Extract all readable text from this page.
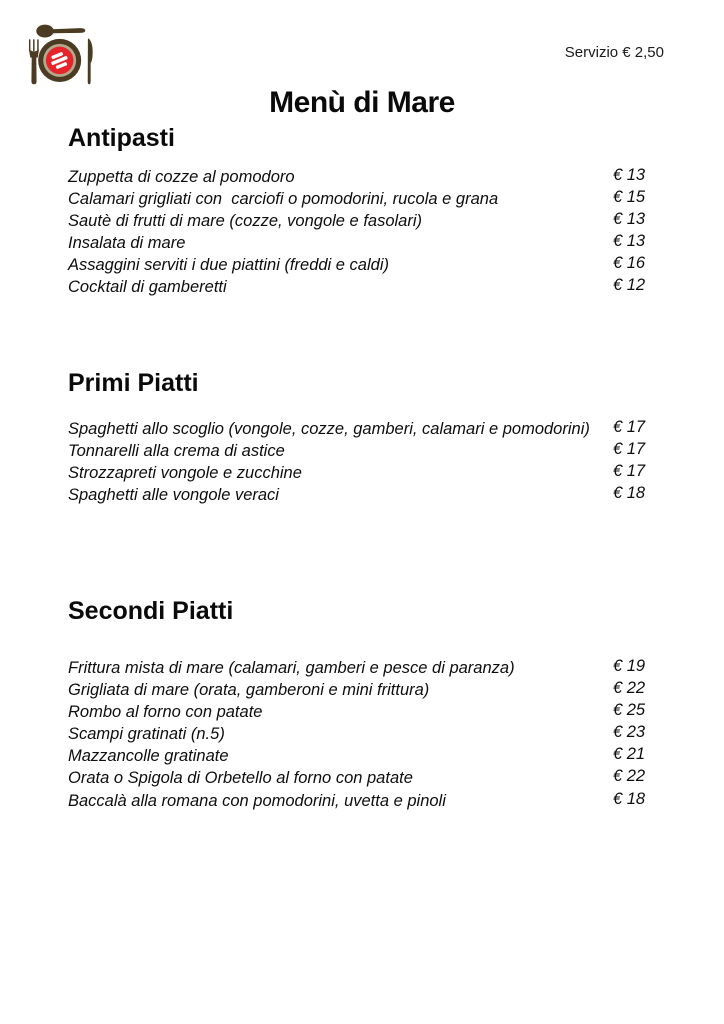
Servizio € 2,50
Menù di Mare
Antipasti
Zuppetta di cozze al pomodoro	€ 13
Calamari grigliati con  carciofi o pomodorini, rucola e grana	€ 15
Sautè di frutti di mare (cozze, vongole e fasolari)	€ 13
Insalata di mare	€ 13
Assaggini serviti i due piattini (freddi e caldi)	€ 16
Cocktail di gamberetti	€ 12
Primi Piatti
Spaghetti allo scoglio (vongole, cozze, gamberi, calamari e pomodorini) € 17
Tonnarelli alla crema di astice	€ 17
Strozzapreti vongole e zucchine	€ 17
Spaghetti alle vongole veraci	€ 18
Secondi Piatti
Frittura mista di mare (calamari, gamberi e pesce di paranza)	€ 19
Grigliata di mare (orata, gamberoni e mini frittura)	€ 22
Rombo al forno con patate	€ 25
Scampi gratinati (n.5)	€ 23
Mazzancolle gratinate	€ 21
Orata o Spigola di Orbetello al forno con patate	€ 22
Baccalà alla romana con pomodorini, uvetta e pinoli	€ 18
